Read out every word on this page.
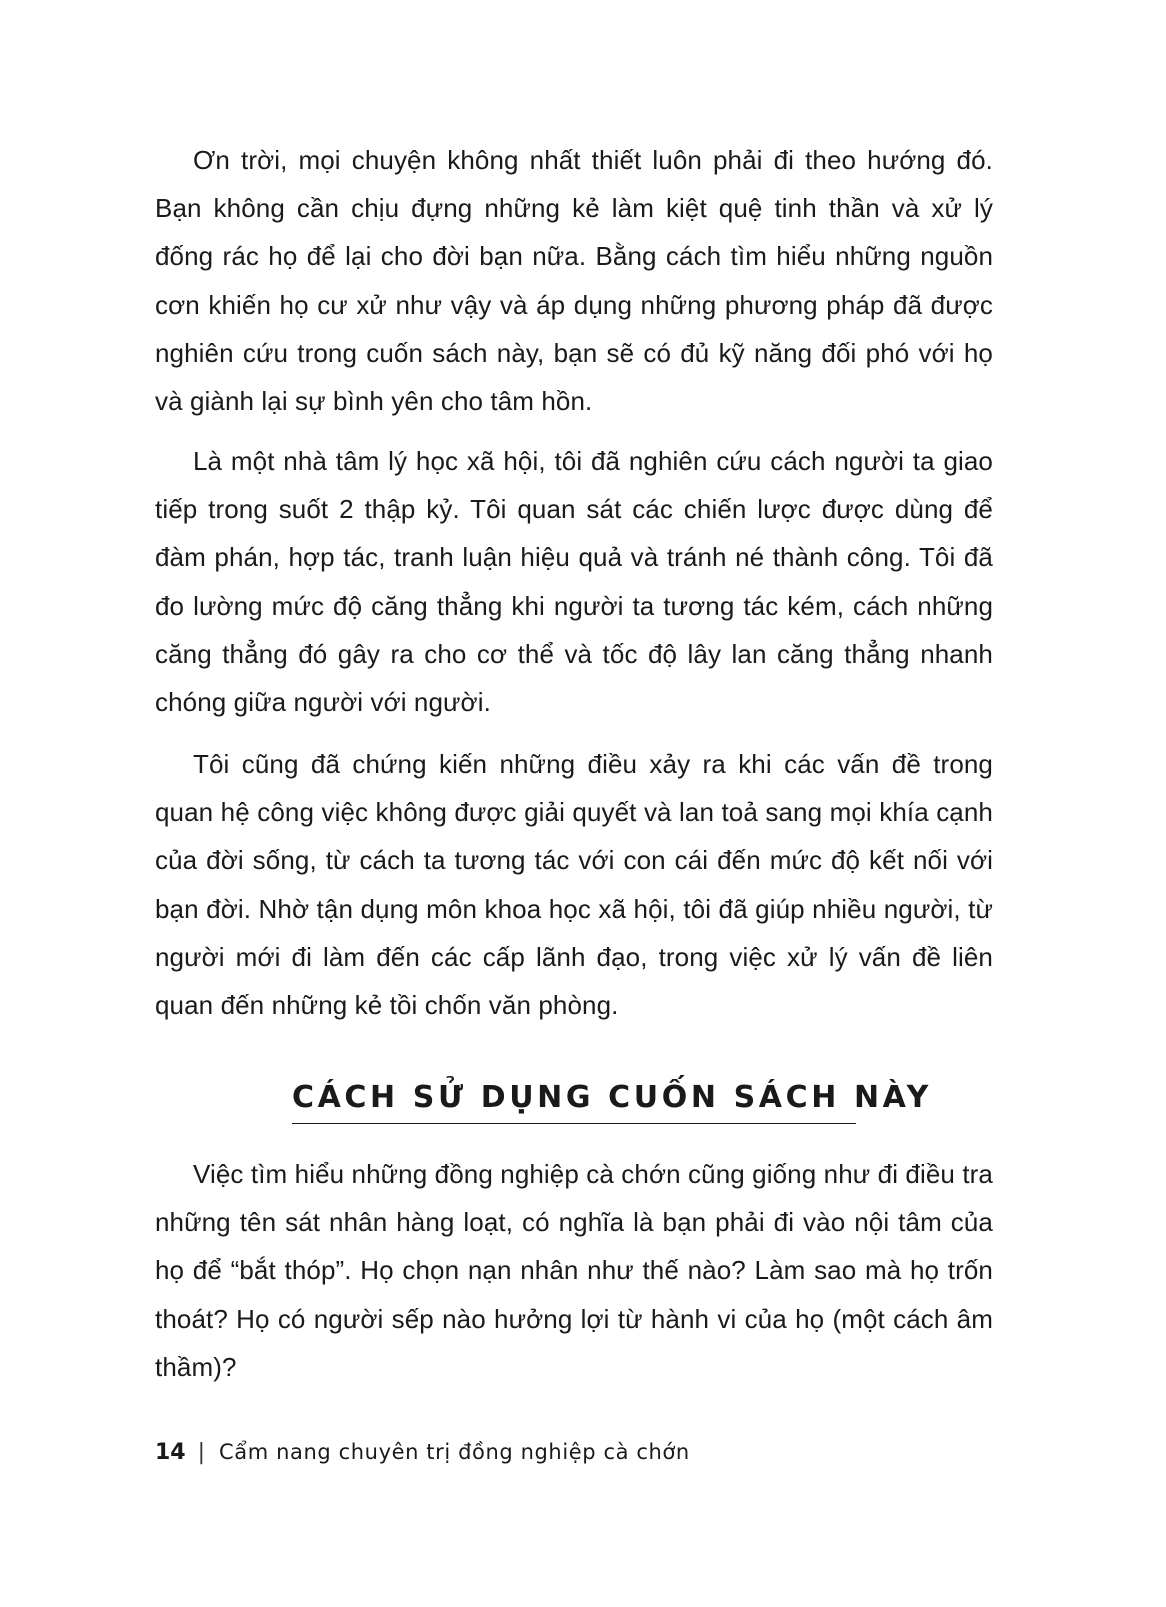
Ơn trời, mọi chuyện không nhất thiết luôn phải đi theo hướng đó. Bạn không cần chịu đựng những kẻ làm kiệt quệ tinh thần và xử lý đống rác họ để lại cho đời bạn nữa. Bằng cách tìm hiểu những nguồn cơn khiến họ cư xử như vậy và áp dụng những phương pháp đã được nghiên cứu trong cuốn sách này, bạn sẽ có đủ kỹ năng đối phó với họ và giành lại sự bình yên cho tâm hồn.

Là một nhà tâm lý học xã hội, tôi đã nghiên cứu cách người ta giao tiếp trong suốt 2 thập kỷ. Tôi quan sát các chiến lược được dùng để đàm phán, hợp tác, tranh luận hiệu quả và tránh né thành công. Tôi đã đo lường mức độ căng thẳng khi người ta tương tác kém, cách những căng thẳng đó gây ra cho cơ thể và tốc độ lây lan căng thẳng nhanh chóng giữa người với người.

Tôi cũng đã chứng kiến những điều xảy ra khi các vấn đề trong quan hệ công việc không được giải quyết và lan toả sang mọi khía cạnh của đời sống, từ cách ta tương tác với con cái đến mức độ kết nối với bạn đời. Nhờ tận dụng môn khoa học xã hội, tôi đã giúp nhiều người, từ người mới đi làm đến các cấp lãnh đạo, trong việc xử lý vấn đề liên quan đến những kẻ tồi chốn văn phòng.

CÁCH SỬ DỤNG CUỐN SÁCH NÀY

Việc tìm hiểu những đồng nghiệp cà chớn cũng giống như đi điều tra những tên sát nhân hàng loạt, có nghĩa là bạn phải đi vào nội tâm của họ để “bắt thóp”. Họ chọn nạn nhân như thế nào? Làm sao mà họ trốn thoát? Họ có người sếp nào hưởng lợi từ hành vi của họ (một cách âm thầm)?

14 | Cẩm nang chuyên trị đồng nghiệp cà chớn
